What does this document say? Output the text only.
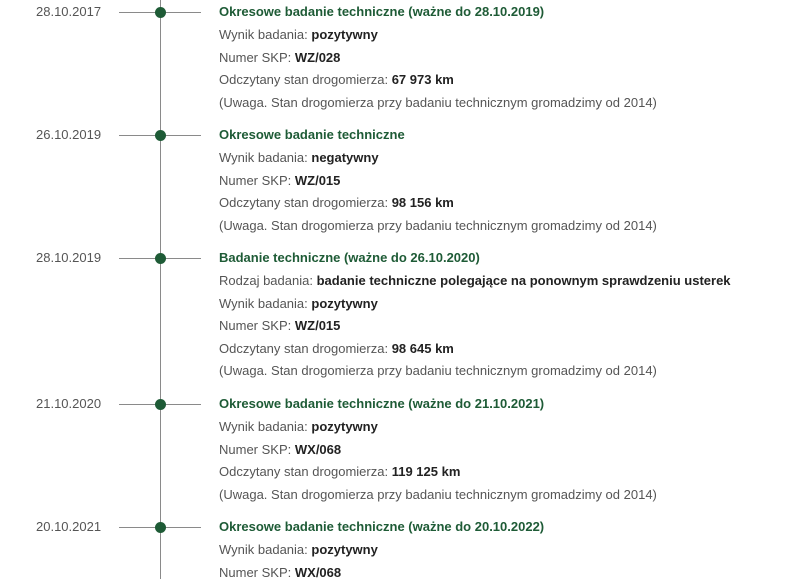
28.10.2017	Okresowe badanie techniczne (ważne do 28.10.2019)
Wynik badania: pozytywny
Numer SKP: WZ/028
Odczytany stan drogomierza: 67 973 km
(Uwaga. Stan drogomierza przy badaniu technicznym gromadzimy od 2014)
26.10.2019	Okresowe badanie techniczne
Wynik badania: negatywny
Numer SKP: WZ/015
Odczytany stan drogomierza: 98 156 km
(Uwaga. Stan drogomierza przy badaniu technicznym gromadzimy od 2014)
28.10.2019	Badanie techniczne (ważne do 26.10.2020)
Rodzaj badania: badanie techniczne polegające na ponownym sprawdzeniu usterek
Wynik badania: pozytywny
Numer SKP: WZ/015
Odczytany stan drogomierza: 98 645 km
(Uwaga. Stan drogomierza przy badaniu technicznym gromadzimy od 2014)
21.10.2020	Okresowe badanie techniczne (ważne do 21.10.2021)
Wynik badania: pozytywny
Numer SKP: WX/068
Odczytany stan drogomierza: 119 125 km
(Uwaga. Stan drogomierza przy badaniu technicznym gromadzimy od 2014)
20.10.2021	Okresowe badanie techniczne (ważne do 20.10.2022)
Wynik badania: pozytywny
Numer SKP: WX/068
